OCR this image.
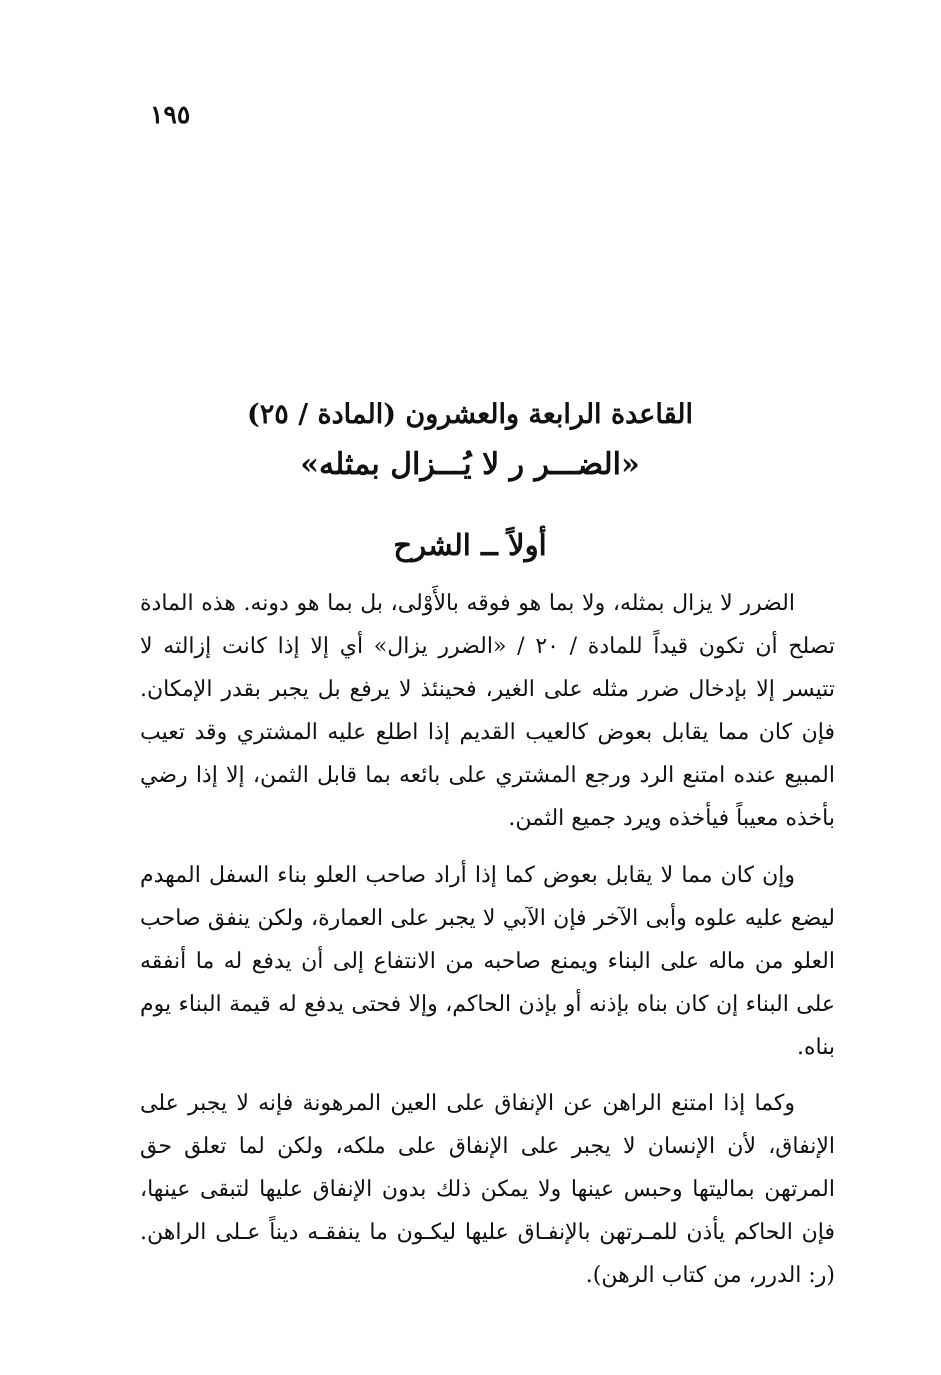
١٩٥
القاعدة الرابعة والعشرون (المادة / ٢٥)
«الضـــر ر لا يُـــزال بمثله»
أولاً ــ الشرح
الضرر لا يزال بمثله، ولا بما هو فوقه بالأَوْلى، بل بما هو دونه. هذه المادة تصلح أن تكون قيداً للمادة / ٢٠ / «الضرر يزال» أي إلا إذا كانت إزالته لا تتيسر إلا بإدخال ضرر مثله على الغير، فحينئذ لا يرفع بل يجبر بقدر الإمكان. فإن كان مما يقابل بعوض كالعيب القديم إذا اطلع عليه المشتري وقد تعيب المبيع عنده امتنع الرد ورجع المشتري على بائعه بما قابل الثمن، إلا إذا رضي بأخذه معيباً فيأخذه ويرد جميع الثمن.
وإن كان مما لا يقابل بعوض كما إذا أراد صاحب العلو بناء السفل المهدم ليضع عليه علوه وأبى الآخر فإن الآبي لا يجبر على العمارة، ولكن ينفق صاحب العلو من ماله على البناء ويمنع صاحبه من الانتفاع إلى أن يدفع له ما أنفقه على البناء إن كان بناه بإذنه أو بإذن الحاكم، وإلا فحتى يدفع له قيمة البناء يوم بناه.
وكما إذا امتنع الراهن عن الإنفاق على العين المرهونة فإنه لا يجبر على الإنفاق، لأن الإنسان لا يجبر على الإنفاق على ملكه، ولكن لما تعلق حق المرتهن بماليتها وحبس عينها ولا يمكن ذلك بدون الإنفاق عليها لتبقى عينها، فإن الحاكم يأذن للمـرتهن بالإنفـاق عليها ليكـون ما ينفقـه ديناً عـلى الراهن. (ر: الدرر، من كتاب الرهن).
